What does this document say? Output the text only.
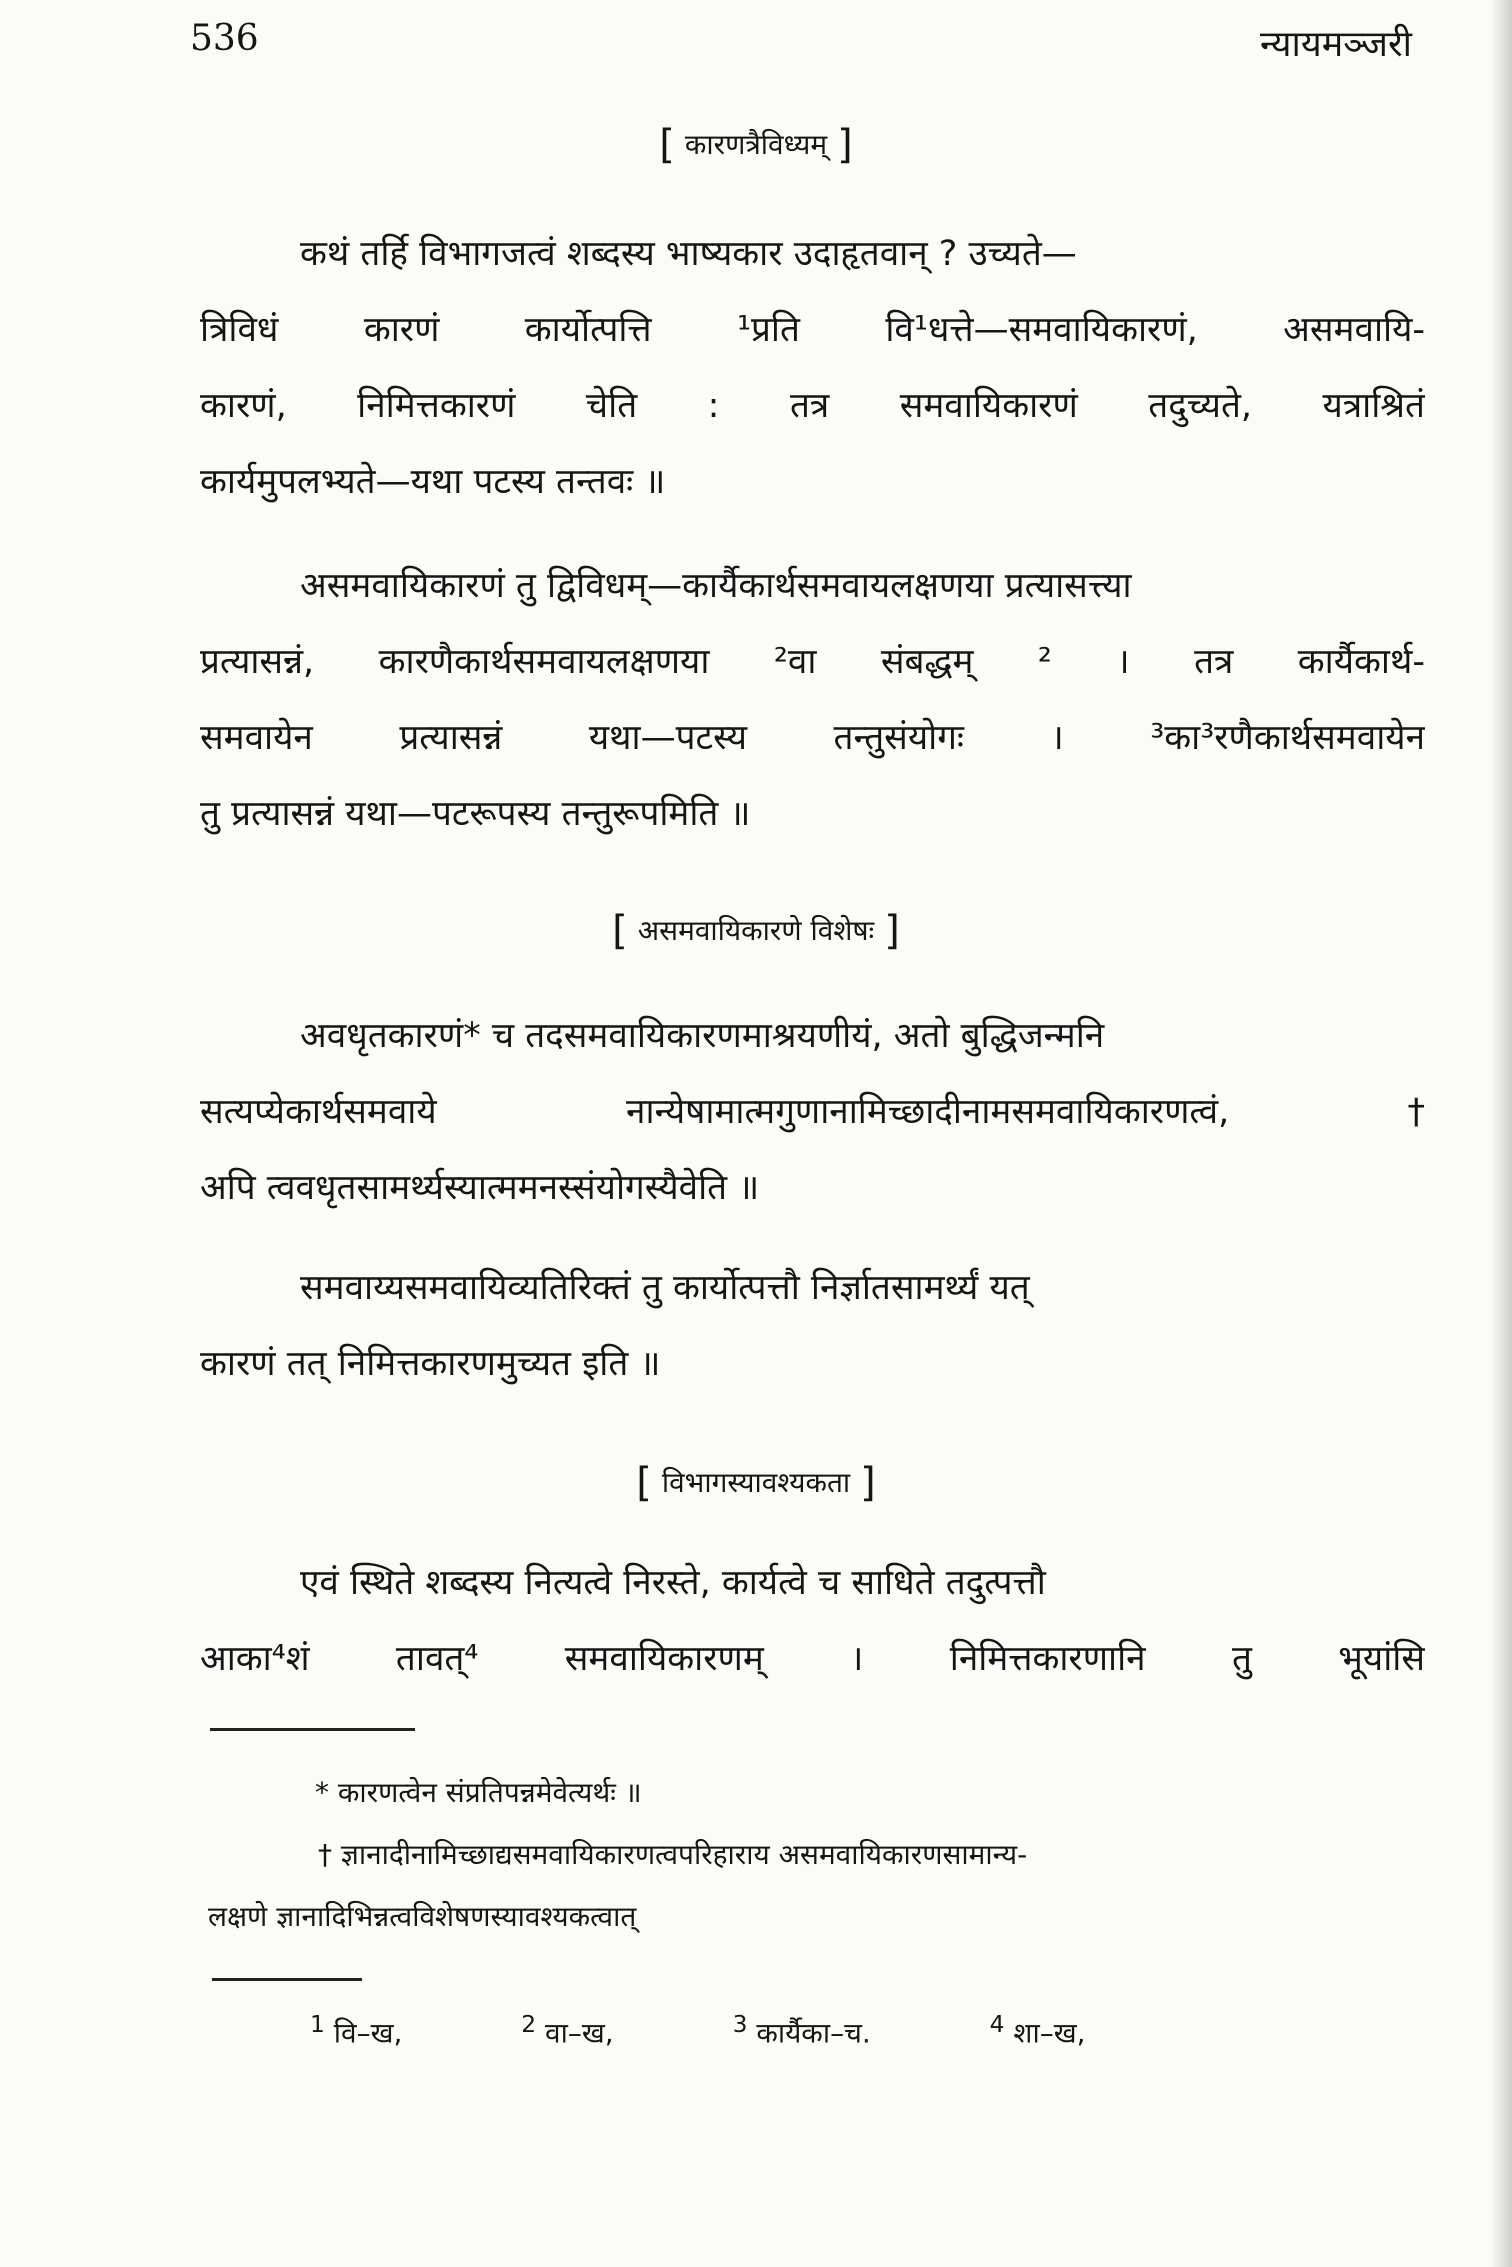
536	न्यायमञ्जरी
[ कारणत्रैविध्यम् ]
कथं तर्हि विभागजत्वं शब्दस्य भाष्यकार उदाहृतवान् ? उच्यते—
त्रिविधं कारणं कार्योत्पत्ति ¹प्रति वि¹धत्ते—समवायिकारणं, असमवायि-
कारणं, निमित्तकारणं चेति : तत्र समवायिकारणं तदुच्यते, यत्राश्रितं
कार्यमुपलभ्यते—यथा पटस्य तन्तवः ॥
असमवायिकारणं तु द्विविधम्—कार्यैकार्थसमवायलक्षणया प्रत्यासत्त्या
प्रत्यासन्नं, कारणैकार्थसमवायलक्षणया ²वा संबद्धम् ² । तत्र कार्यैकार्थ-
समवायेन प्रत्यासन्नं यथा—पटस्य तन्तुसंयोगः । ³का³रणैकार्थसमवायेन
तु प्रत्यासन्नं यथा—पटरूपस्य तन्तुरूपमिति ॥
[ असमवायिकारणे विशेषः ]
अवधृतकारणं* च तदसमवायिकारणमाश्रयणीयं, अतो बुद्धिजन्मनि
सत्यप्येकार्थसमवाये नान्येषामात्मगुणानामिच्छादीनामसमवायिकारणत्वं,†
अपि त्ववधृतसामर्थ्यस्यात्ममनस्संयोगस्यैवेति ॥
समवाय्यसमवायिव्यतिरिक्तं तु कार्योत्पत्तौ निर्ज्ञातसामर्थ्यं यत्
कारणं तत् निमित्तकारणमुच्यत इति ॥
[ विभागस्यावश्यकता ]
एवं स्थिते शब्दस्य नित्यत्वे निरस्ते, कार्यत्वे च साधिते तदुत्पत्तौ
आका⁴शं तावत्⁴ समवायिकारणम् । निमित्तकारणानि तु भूयांसि
* कारणत्वेन संप्रतिपन्नमेवेत्यर्थः ॥
† ज्ञानादीनामिच्छाद्यसमवायिकारणत्वपरिहाराय असमवायिकारणसामान्य-
लक्षणे ज्ञानादिभिन्नत्वविशेषणस्यावश्यकत्वात्
$^1$ वि–ख,	$^2$ वा–ख,	$^3$ कार्यैका–च.	$^4$ शा–ख,
